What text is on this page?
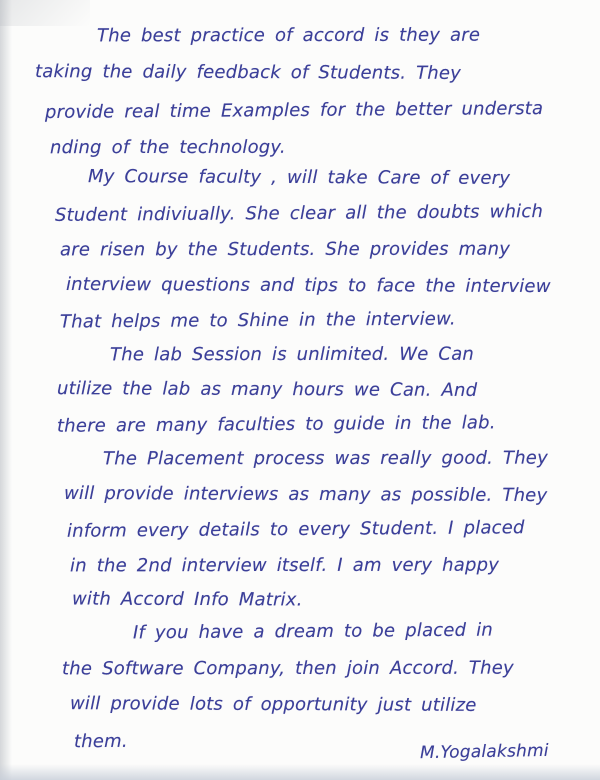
The best practice of accord is they are
taking the daily feedback of Students. They
provide real time Examples for the better understa
nding of the technology.
My Course faculty , will take Care of every
Student indiviually. She clear all the doubts which
are risen by the Students. She provides many
interview questions and tips to face the interview
That helps me to Shine in the interview.
The lab Session is unlimited. We Can
utilize the lab as many hours we Can. And
there are many faculties to guide in the lab.
The Placement process was really good. They
will provide interviews as many as possible. They
inform every details to every Student. I placed
in the 2nd interview itself. I am very happy
with Accord Info Matrix.
If you have a dream to be placed in
the Software Company, then join Accord. They
will provide lots of opportunity just utilize
them.	M.Yogalakshmi
